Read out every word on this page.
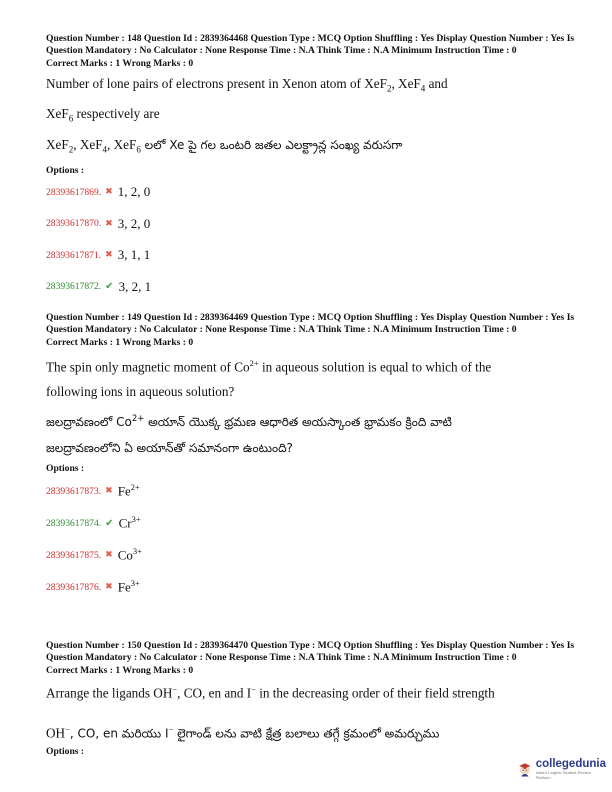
Question Number : 148 Question Id : 2839364468 Question Type : MCQ Option Shuffling : Yes Display Question Number : Yes Is Question Mandatory : No Calculator : None Response Time : N.A Think Time : N.A Minimum Instruction Time : 0
Correct Marks : 1 Wrong Marks : 0
Number of lone pairs of electrons present in Xenon atom of XeF$_2$, XeF$_4$ and
XeF$_6$ respectively are
XeF$_2$, XeF$_4$, XeF$_6$ లలో Xe పై గల ఒంటరి జతల ఎలక్ట్రాన్ల సంఖ్య వరుసగా
Options :
28393617869. ✖ 1, 2, 0
28393617870. ✖ 3, 2, 0
28393617871. ✖ 3, 1, 1
28393617872. ✔ 3, 2, 1
Question Number : 149 Question Id : 2839364469 Question Type : MCQ Option Shuffling : Yes Display Question Number : Yes Is Question Mandatory : No Calculator : None Response Time : N.A Think Time : N.A Minimum Instruction Time : 0
Correct Marks : 1 Wrong Marks : 0
The spin only magnetic moment of $Co^{2+}$ in aqueous solution is equal to which of the
following ions in aqueous solution?
జలద్రావణంలో $Co^{2+}$ అయాన్ యొక్క భ్రమణ ఆధారిత అయస్కాంత భ్రామకం క్రింది వాటి
జలద్రావణంలోని ఏ అయాన్‌తో సమానంగా ఉంటుంది?
Options :
28393617873. ✖ $Fe^{2+}$
28393617874. ✔ $Cr^{3+}$
28393617875. ✖ $Co^{3+}$
28393617876. ✖ $Fe^{3+}$
Question Number : 150 Question Id : 2839364470 Question Type : MCQ Option Shuffling : Yes Display Question Number : Yes Is Question Mandatory : No Calculator : None Response Time : N.A Think Time : N.A Minimum Instruction Time : 0
Correct Marks : 1 Wrong Marks : 0
Arrange the ligands OH−, CO, en and I− in the decreasing order of their field strength
OH−, CO, en మరియు I− లైగాండ్ లను వాటి క్షేత్ర బలాలు తగ్గే క్రమంలో అమర్చుము
Options :
collegedunia
India's Largest Student Review Platform
